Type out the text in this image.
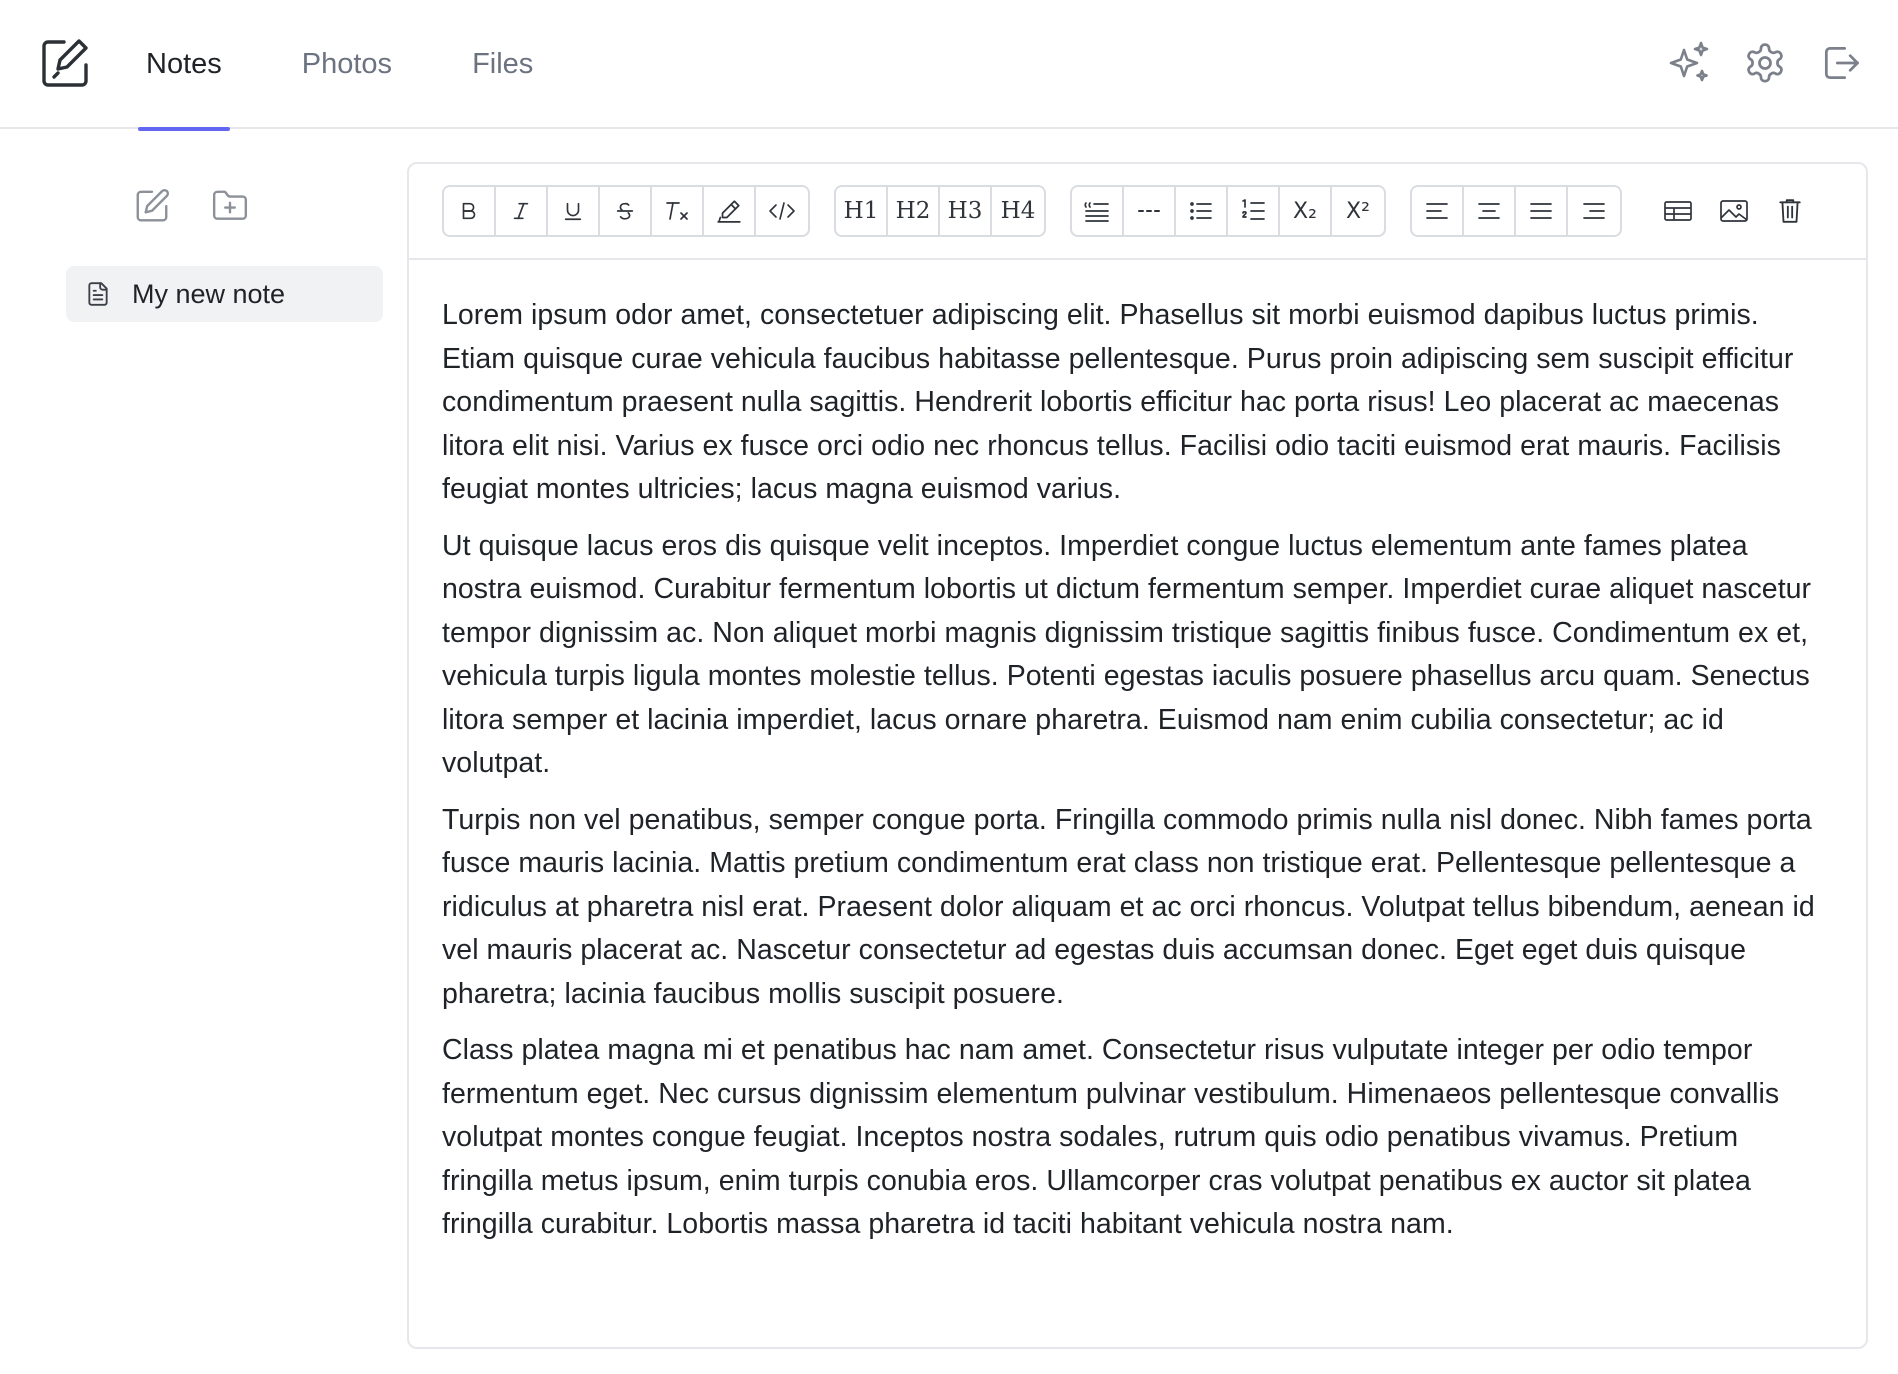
Notes	Photos	Files
My new note
H1 H2 H3 H4	X₂ X²

Lorem ipsum odor amet, consectetuer adipiscing elit. Phasellus sit morbi euismod dapibus luctus primis. Etiam quisque curae vehicula faucibus habitasse pellentesque. Purus proin adipiscing sem suscipit efficitur condimentum praesent nulla sagittis. Hendrerit lobortis efficitur hac porta risus! Leo placerat ac maecenas litora elit nisi. Varius ex fusce orci odio nec rhoncus tellus. Facilisi odio taciti euismod erat mauris. Facilisis feugiat montes ultricies; lacus magna euismod varius.

Ut quisque lacus eros dis quisque velit inceptos. Imperdiet congue luctus elementum ante fames platea nostra euismod. Curabitur fermentum lobortis ut dictum fermentum semper. Imperdiet curae aliquet nascetur tempor dignissim ac. Non aliquet morbi magnis dignissim tristique sagittis finibus fusce. Condimentum ex et, vehicula turpis ligula montes molestie tellus. Potenti egestas iaculis posuere phasellus arcu quam. Senectus litora semper et lacinia imperdiet, lacus ornare pharetra. Euismod nam enim cubilia consectetur; ac id volutpat.

Turpis non vel penatibus, semper congue porta. Fringilla commodo primis nulla nisl donec. Nibh fames porta fusce mauris lacinia. Mattis pretium condimentum erat class non tristique erat. Pellentesque pellentesque a ridiculus at pharetra nisl erat. Praesent dolor aliquam et ac orci rhoncus. Volutpat tellus bibendum, aenean id vel mauris placerat ac. Nascetur consectetur ad egestas duis accumsan donec. Eget eget duis quisque pharetra; lacinia faucibus mollis suscipit posuere.

Class platea magna mi et penatibus hac nam amet. Consectetur risus vulputate integer per odio tempor fermentum eget. Nec cursus dignissim elementum pulvinar vestibulum. Himenaeos pellentesque convallis volutpat montes congue feugiat. Inceptos nostra sodales, rutrum quis odio penatibus vivamus. Pretium fringilla metus ipsum, enim turpis conubia eros. Ullamcorper cras volutpat penatibus ex auctor sit platea fringilla curabitur. Lobortis massa pharetra id taciti habitant vehicula nostra nam.
